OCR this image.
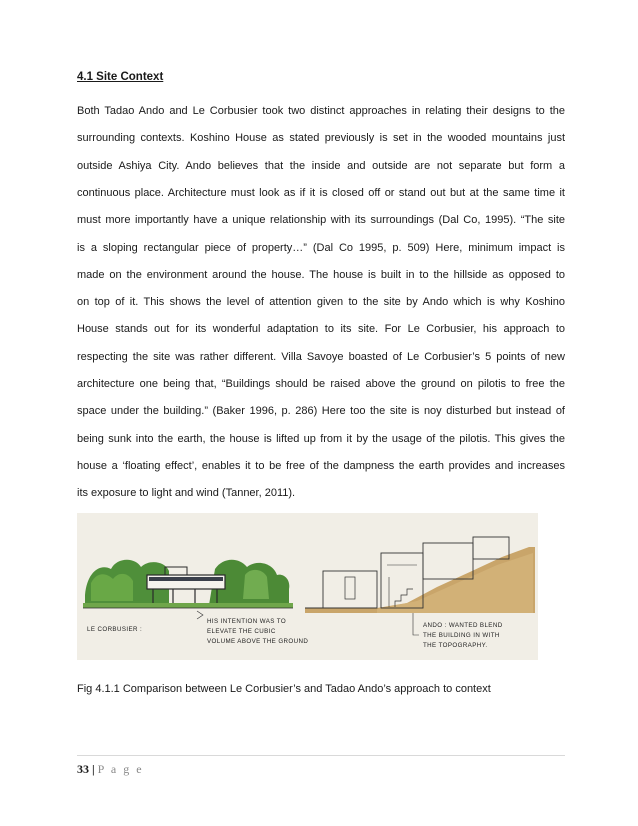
4.1 Site Context
Both Tadao Ando and Le Corbusier took two distinct approaches in relating their designs to the
surrounding contexts. Koshino House as stated previously is set in the wooded mountains just
outside Ashiya City. Ando believes that the inside and outside are not separate but form a
continuous place. Architecture must look as if it is closed off or stand out but at the same time it
must more importantly have a unique relationship with its surroundings (Dal Co, 1995). “The site
is a sloping rectangular piece of property…” (Dal Co 1995, p. 509) Here, minimum impact is
made on the environment around the house. The house is built in to the hillside as opposed to
on top of it. This shows the level of attention given to the site by Ando which is why Koshino
House stands out for its wonderful adaptation to its site. For Le Corbusier, his approach to
respecting the site was rather different. Villa Savoye boasted of Le Corbusier’s 5 points of new
architecture one being that, “Buildings should be raised above the ground on pilotis to free the
space under the building.” (Baker 1996, p. 286) Here too the site is noy disturbed but instead of
being sunk into the earth, the house is lifted up from it by the usage of the pilotis. This gives the
house a ‘floating effect’, enables it to be free of the dampness the earth provides and increases
its exposure to light and wind (Tanner, 2011).
LE CORBUSIER :
HIS INTENTION WAS TO
ELEVATE THE CUBIC
VOLUME ABOVE THE GROUND
ANDO : WANTED BLEND
THE BUILDING IN WITH
THE TOPOGRAPHY.
Fig 4.1.1 Comparison between Le Corbusier’s and Tadao Ando’s approach to context
33 | P a g e
